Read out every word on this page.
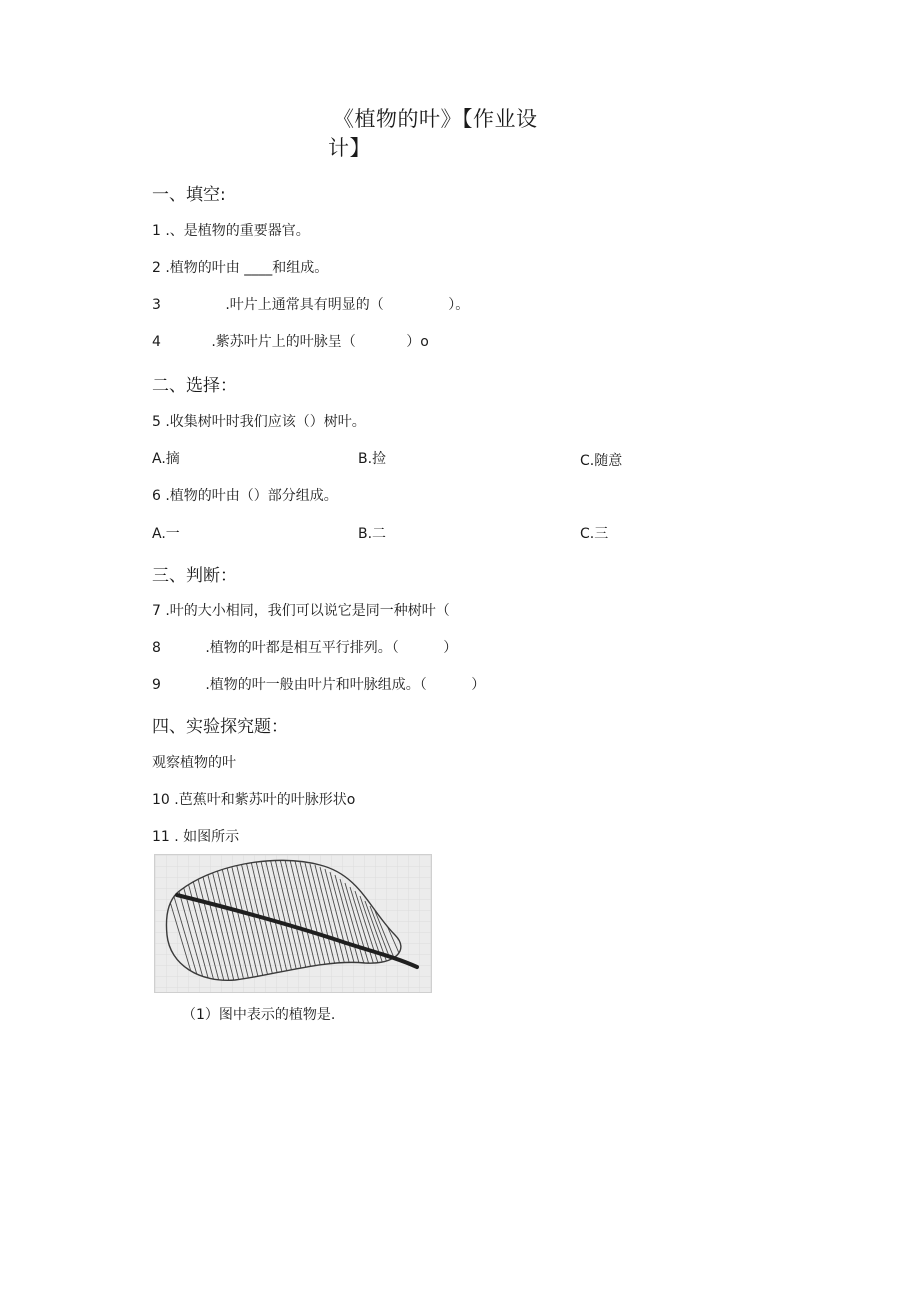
《植物的叶》【作业设
计】
一、填空:
1 .、是植物的重要器官。
2 .植物的叶由 ____和组成。
3 .叶片上通常具有明显的（ ）。
4 .紫苏叶片上的叶脉呈（ ）o
二、选择：
5 .收集树叶时我们应该（）树叶。
A.摘	B.捡	C.随意
6 .植物的叶由（）部分组成。
A.一	B.二	C.三
三、判断：
7 .叶的大小相同，我们可以说它是同一种树叶（
8 .植物的叶都是相互平行排列。（ ）
9 .植物的叶一般由叶片和叶脉组成。（ ）
四、实验探究题：
观察植物的叶
10 .芭蕉叶和紫苏叶的叶脉形状o
11 . 如图所示
（1）图中表示的植物是.
